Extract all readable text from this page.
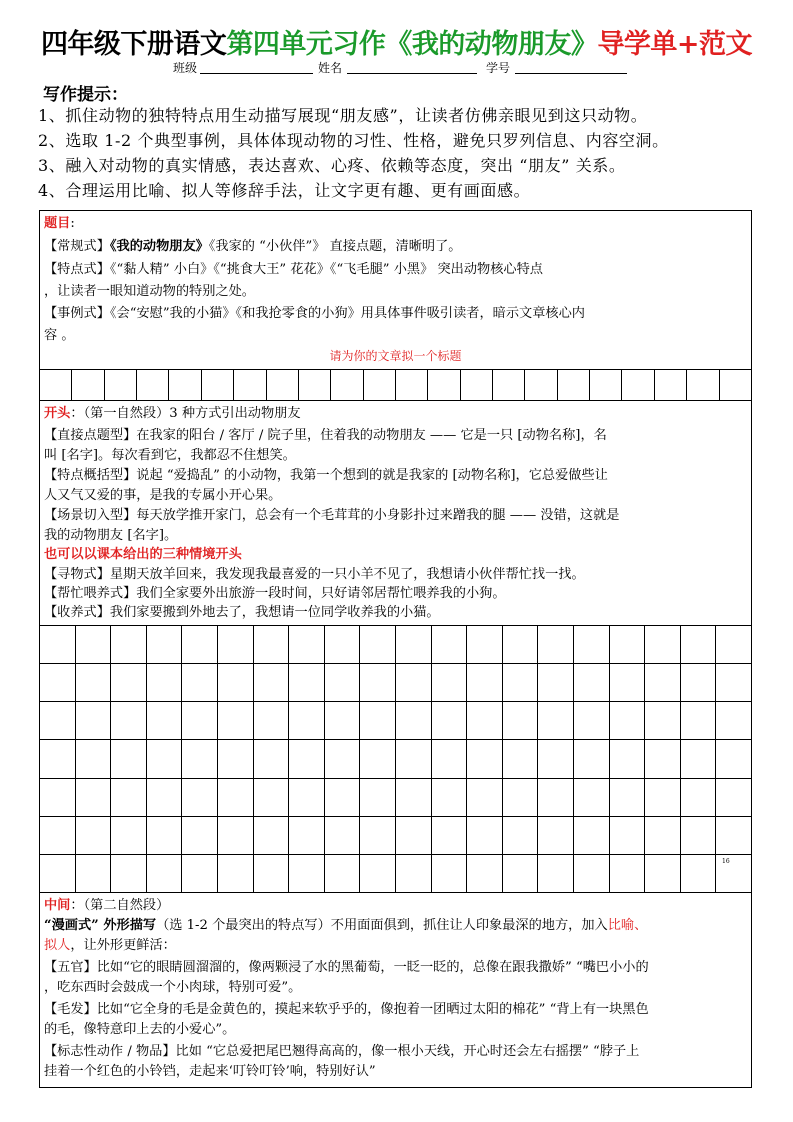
四年级下册语文第四单元习作《我的动物朋友》导学单+范文
班级	姓名	学号
写作提示：
1、抓住动物的独特特点用生动描写展现“朋友感”，让读者仿佛亲眼见到这只动物。
2、选取 1-2 个典型事例，具体体现动物的习性、性格，避免只罗列信息、内容空洞。
3、融入对动物的真实情感，表达喜欢、心疼、依赖等态度，突出 “朋友” 关系。
4、合理运用比喻、拟人等修辞手法，让文字更有趣、更有画面感。
题目:
【常规式】《我的动物朋友》《我家的 “小伙伴”》 直接点题，清晰明了。
【特点式】《“黏人精” 小白》《“挑食大王” 花花》《“飞毛腿” 小黑》 突出动物核心特点
，让读者一眼知道动物的特别之处。
【事例式】《会“安慰”我的小猫》《和我抢零食的小狗》用具体事件吸引读者，暗示文章核心内
容 。
请为你的文章拟一个标题

开头：（第一自然段）3 种方式引出动物朋友
【直接点题型】在我家的阳台 / 客厅 / 院子里，住着我的动物朋友 —— 它是一只 [动物名称]，名
叫 [名字]。每次看到它，我都忍不住想笑。
【特点概括型】说起 “爱捣乱” 的小动物，我第一个想到的就是我家的 [动物名称]，它总爱做些让
人又气又爱的事，是我的专属小开心果。
【场景切入型】每天放学推开家门，总会有一个毛茸茸的小身影扑过来蹭我的腿 —— 没错，这就是
我的动物朋友 [名字]。
也可以以课本给出的三种情境开头
【寻物式】星期天放羊回来，我发现我最喜爱的一只小羊不见了，我想请小伙伴帮忙找一找。
【帮忙喂养式】我们全家要外出旅游一段时间，只好请邻居帮忙喂养我的小狗。
【收养式】我们家要搬到外地去了，我想请一位同学收养我的小猫。

16
中间：（第二自然段）
“漫画式” 外形描写（选 1-2 个最突出的特点写）不用面面俱到，抓住让人印象最深的地方，加入比喻、
拟人，让外形更鲜活：
【五官】比如“它的眼睛圆溜溜的，像两颗浸了水的黑葡萄，一眨一眨的，总像在跟我撒娇” “嘴巴小小的
，吃东西时会鼓成一个小肉球，特别可爱”。
【毛发】比如“它全身的毛是金黄色的，摸起来软乎乎的，像抱着一团晒过太阳的棉花” “背上有一块黑色
的毛，像特意印上去的小爱心”。
【标志性动作 / 物品】比如 “它总爱把尾巴翘得高高的，像一根小天线，开心时还会左右摇摆” “脖子上
挂着一个红色的小铃铛，走起来‘叮铃叮铃’响，特别好认”
